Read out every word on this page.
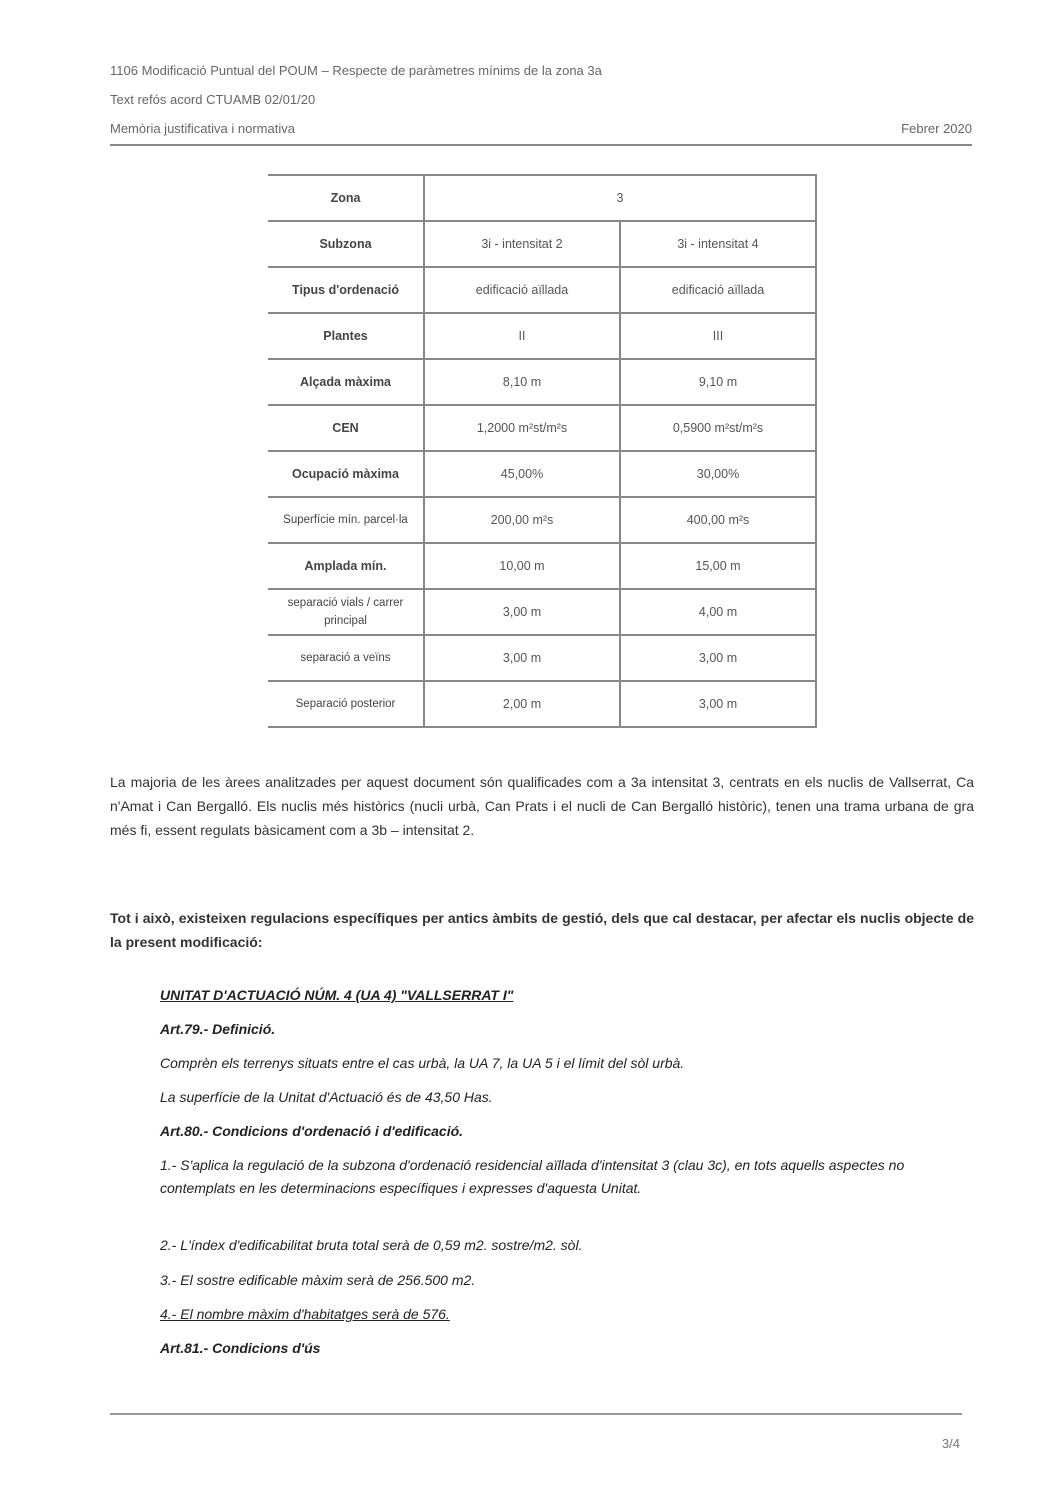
1106 Modificació Puntual del POUM – Respecte de paràmetres mínims de la zona 3a
Text refós acord CTUAMB 02/01/20
Memòria justificativa i normativa	Febrer 2020
Zona	3	
Subzona	3i - intensitat 2	3i - intensitat 4
Tipus d'ordenació	edificació aïllada	edificació aïllada
Plantes	II	III
Alçada màxima	8,10 m	9,10 m
CEN	1,2000 m²st/m²s	0,5900 m²st/m²s
Ocupació màxima	45,00%	30,00%
Superfície mín. parcel·la	200,00 m²s	400,00 m²s
Amplada mín.	10,00 m	15,00 m
separació vials / carrer principal	3,00 m	4,00 m
separació a veïns	3,00 m	3,00 m
Separació posterior	2,00 m	3,00 m

La majoria de les àrees analitzades per aquest document són qualificades com a 3a intensitat 3, centrats en els nuclis de Vallserrat, Ca n'Amat i Can Bergalló. Els nuclis més històrics (nucli urbà, Can Prats i el nucli de Can Bergalló històric), tenen una trama urbana de gra més fi, essent regulats bàsicament com a 3b – intensitat 2.

Tot i això, existeixen regulacions específiques per antics àmbits de gestió, dels que cal destacar, per afectar els nuclis objecte de la present modificació:

UNITAT D'ACTUACIÓ NÚM. 4 (UA 4) "VALLSERRAT I"
Art.79.- Definició.
Comprèn els terrenys situats entre el cas urbà, la UA 7, la UA 5 i el límit del sòl urbà.
La superfície de la Unitat d'Actuació és de 43,50 Has.
Art.80.- Condicions d'ordenació i d'edificació.
1.- S'aplica la regulació de la subzona d'ordenació residencial aïllada d'intensitat 3 (clau 3c), en tots aquells aspectes no contemplats en les determinacions específiques i expresses d'aquesta Unitat.
2.- L'índex d'edificabilitat bruta total serà de 0,59 m2. sostre/m2. sòl.
3.- El sostre edificable màxim serà de 256.500 m2.
4.- El nombre màxim d'habitatges serà de 576.
Art.81.- Condicions d'ús
3/4
